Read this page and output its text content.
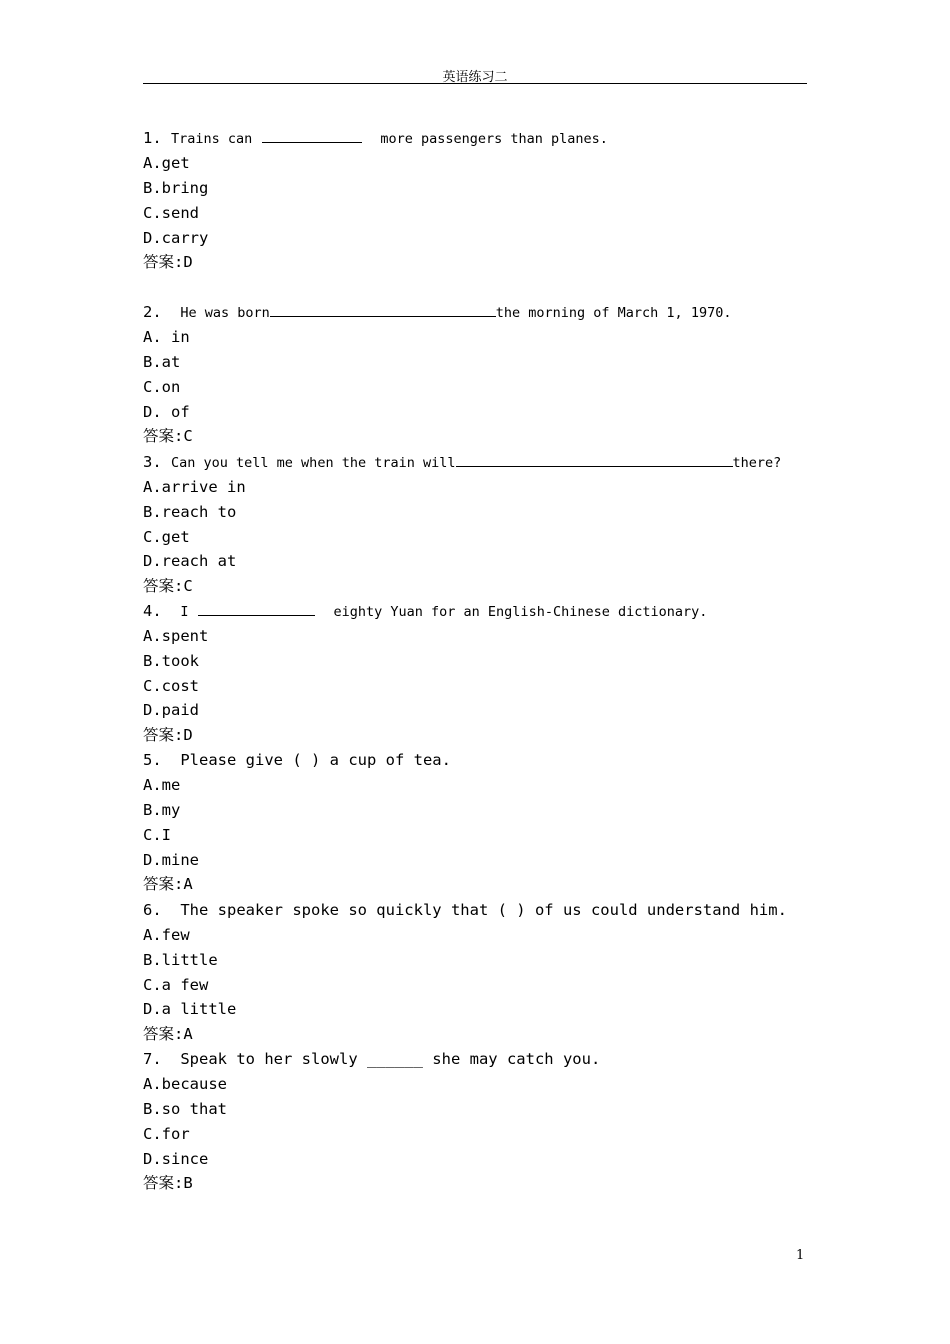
英语练习二
1. Trains can	more passengers than planes.
A.get
B.bring
C.send
D.carry
答案:D
2. He was born	the morning of March 1, 1970.
A. in
B.at
C.on
D. of
答案:C
3. Can you tell me when the train will	there?
A.arrive in
B.reach to
C.get
D.reach at
答案:C
4. I	eighty Yuan for an English-Chinese dictionary.
A.spent
B.took
C.cost
D.paid
答案:D
5. Please give ( ) a cup of tea.
A.me
B.my
C.I
D.mine
答案:A
6. The speaker spoke so quickly that ( ) of us could understand him.
A.few
B.little
C.a few
D.a little
答案:A
7. Speak to her slowly ______ she may catch you.
A.because
B.so that
C.for
D.since
答案:B
1
